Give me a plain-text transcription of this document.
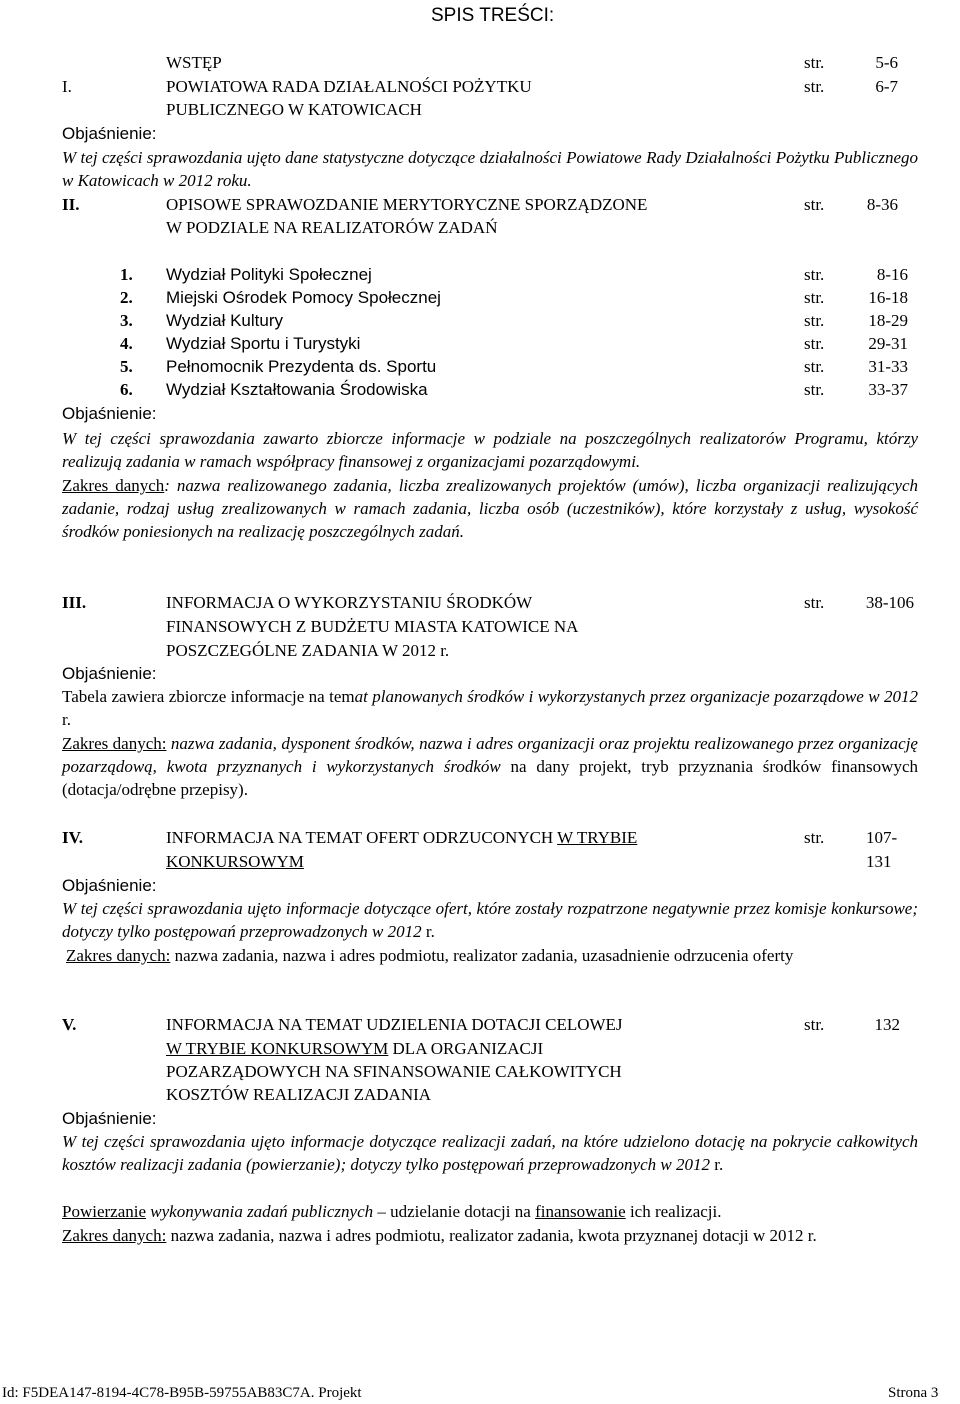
SPIS TREŚCI:
WSTĘP	str.	5-6
I.	POWIATOWA RADA DZIAŁALNOŚCI POŻYTKU
PUBLICZNEGO W KATOWICACH
str.	6-7
Objaśnienie:

W tej części sprawozdania ujęto dane statystyczne dotyczące działalności Powiatowe Rady Działalności Pożytku Publicznego w Katowicach w 2012 roku.

II.	OPISOWE SPRAWOZDANIE MERYTORYCZNE SPORZĄDZONE
W PODZIALE NA REALIZATORÓW ZADAŃ
str.	8-36
1. Wydział Polityki Społecznej	str.	8-16
2. Miejski Ośrodek Pomocy Społecznej	str.	16-18
3. Wydział Kultury	str.	18-29
4. Wydział Sportu i Turystyki	str.	29-31
5. Pełnomocnik Prezydenta ds. Sportu	str.	31-33
6. Wydział Kształtowania Środowiska	str.	33-37
Objaśnienie:

W tej części sprawozdania zawarto zbiorcze informacje w podziale na poszczególnych realizatorów Programu, którzy realizują zadania w ramach współpracy finansowej z organizacjami pozarządowymi.

Zakres danych: nazwa realizowanego zadania, liczba zrealizowanych projektów (umów), liczba organizacji realizujących zadanie, rodzaj usług zrealizowanych w ramach zadania, liczba osób (uczestników), które korzystały z usług, wysokość środków poniesionych na realizację poszczególnych zadań.

III.	INFORMACJA O WYKORZYSTANIU ŚRODKÓW
FINANSOWYCH Z BUDŻETU MIASTA KATOWICE NA
POSZCZEGÓLNE ZADANIA W 2012 r.
str.	38-106
Objaśnienie:

Tabela zawiera zbiorcze informacje na temat planowanych środków i wykorzystanych przez organizacje pozarządowe w 2012 r.

Zakres danych: nazwa zadania, dysponent środków, nazwa i adres organizacji oraz projektu realizowanego przez organizację pozarządową, kwota przyznanych i wykorzystanych środków na dany projekt, tryb przyznania środków finansowych (dotacja/odrębne przepisy).

IV.	INFORMACJA NA TEMAT OFERT ODRZUCONYCH W TRYBIE
KONKURSOWYM
str. 107-
131
Objaśnienie:

W tej części sprawozdania ujęto informacje dotyczące ofert, które zostały rozpatrzone negatywnie przez komisje konkursowe; dotyczy tylko postępowań przeprowadzonych w 2012 r.

Zakres danych: nazwa zadania, nazwa i adres podmiotu, realizator zadania, uzasadnienie odrzucenia oferty

V.	INFORMACJA NA TEMAT UDZIELENIA DOTACJI CELOWEJ
W TRYBIE KONKURSOWYM DLA ORGANIZACJI
POZARZĄDOWYCH NA SFINANSOWANIE CAŁKOWITYCH
KOSZTÓW REALIZACJI ZADANIA
str.	132
Objaśnienie:

W tej części sprawozdania ujęto informacje dotyczące realizacji zadań, na które udzielono dotację na pokrycie całkowitych kosztów realizacji zadania (powierzanie); dotyczy tylko postępowań przeprowadzonych w 2012 r.

Powierzanie wykonywania zadań publicznych – udzielanie dotacji na finansowanie ich realizacji.

Zakres danych: nazwa zadania, nazwa i adres podmiotu, realizator zadania, kwota przyznanej dotacji w 2012 r.

Id: F5DEA147-8194-4C78-B95B-59755AB83C7A. Projekt	Strona 3
